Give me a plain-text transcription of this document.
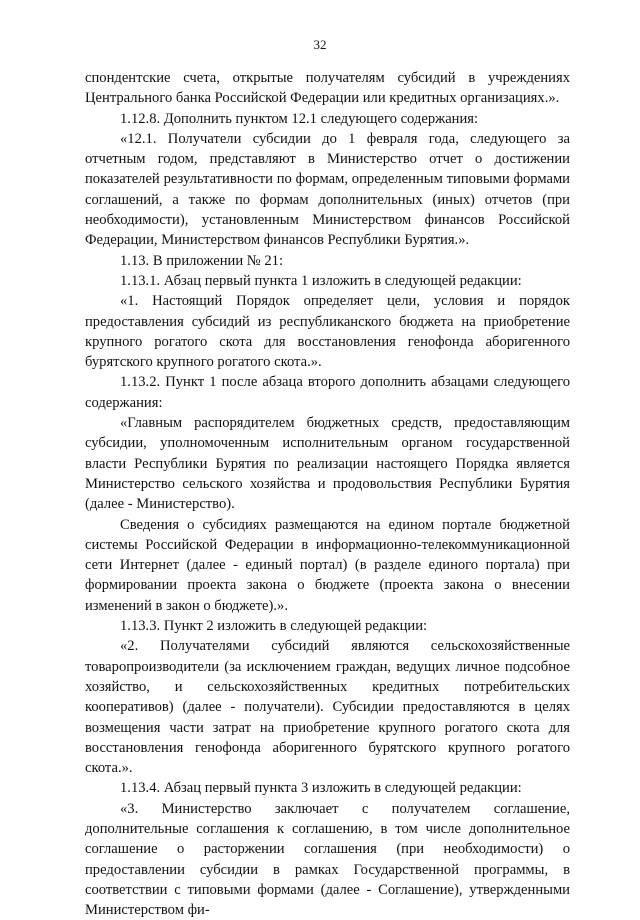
32

спондентские счета, открытые получателям субсидий в учреждениях Центрального банка Российской Федерации или кредитных организациях.».

1.12.8. Дополнить пунктом 12.1 следующего содержания:

«12.1. Получатели субсидии до 1 февраля года, следующего за отчетным годом, представляют в Министерство отчет о достижении показателей результативности по формам, определенным типовыми формами соглашений, а также по формам дополнительных (иных) отчетов (при необходимости), установленным Министерством финансов Российской Федерации, Министерством финансов Республики Бурятия.».

1.13. В приложении № 21:

1.13.1. Абзац первый пункта 1 изложить в следующей редакции:

«1. Настоящий Порядок определяет цели, условия и порядок предоставления субсидий из республиканского бюджета на приобретение крупного рогатого скота для восстановления генофонда аборигенного бурятского крупного рогатого скота.».

1.13.2. Пункт 1 после абзаца второго дополнить абзацами следующего содержания:

«Главным распорядителем бюджетных средств, предоставляющим субсидии, уполномоченным исполнительным органом государственной власти Республики Бурятия по реализации настоящего Порядка является Министерство сельского хозяйства и продовольствия Республики Бурятия (далее - Министерство).

Сведения о субсидиях размещаются на едином портале бюджетной системы Российской Федерации в информационно-телекоммуникационной сети Интернет (далее - единый портал) (в разделе единого портала) при формировании проекта закона о бюджете (проекта закона о внесении изменений в закон о бюджете).».

1.13.3. Пункт 2 изложить в следующей редакции:

«2. Получателями субсидий являются сельскохозяйственные товаропроизводители (за исключением граждан, ведущих личное подсобное хозяйство, и сельскохозяйственных кредитных потребительских кооперативов) (далее - получатели). Субсидии предоставляются в целях возмещения части затрат на приобретение крупного рогатого скота для восстановления генофонда аборигенного бурятского крупного рогатого скота.».

1.13.4. Абзац первый пункта 3 изложить в следующей редакции:

«3. Министерство заключает с получателем соглашение, дополнительные соглашения к соглашению, в том числе дополнительное соглашение о расторжении соглашения (при необходимости) о предоставлении субсидии в рамках Государственной программы, в соответствии с типовыми формами (далее - Соглашение), утвержденными Министерством фи-
